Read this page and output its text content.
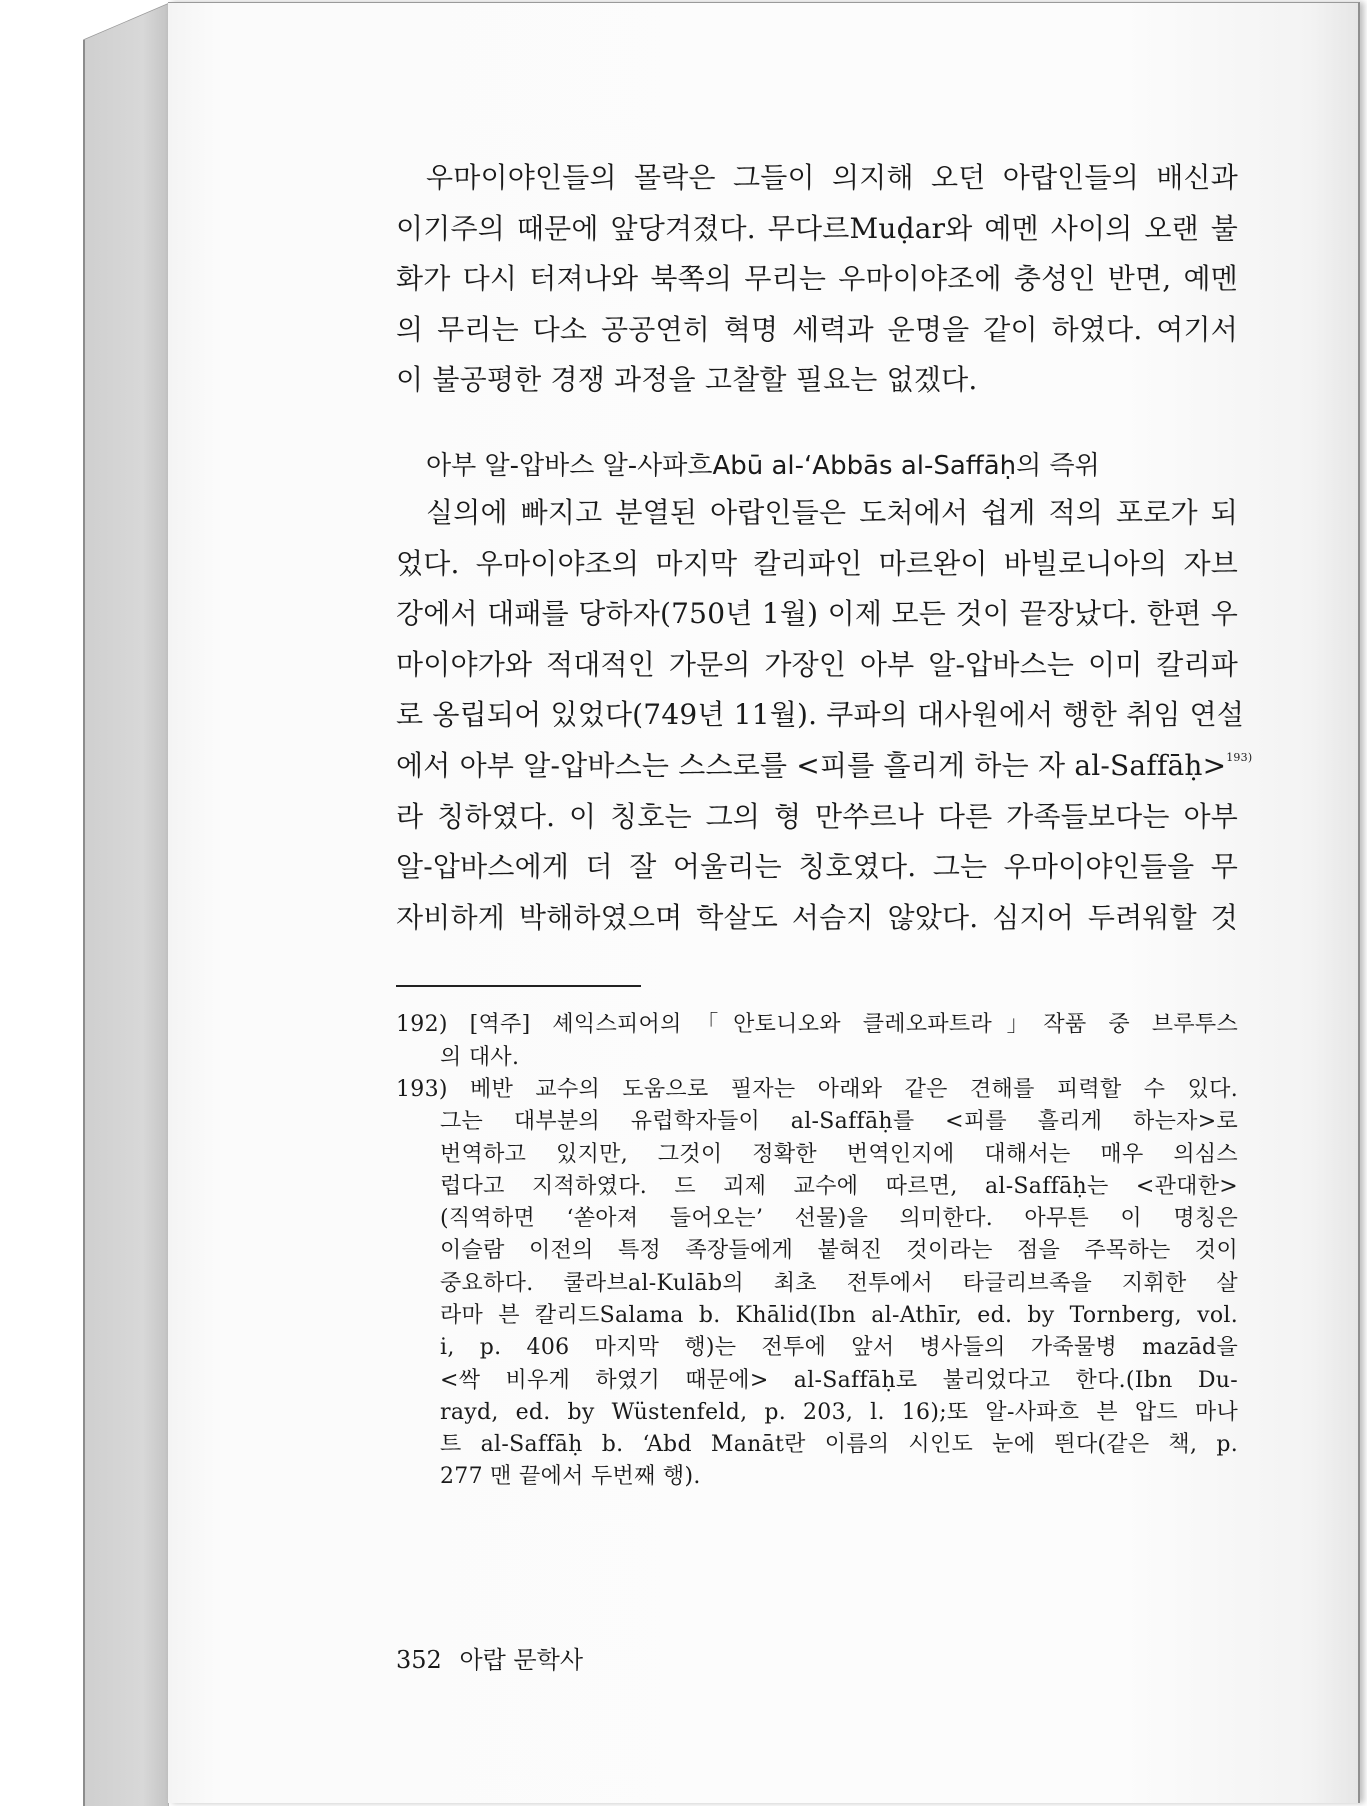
우마이야인들의 몰락은 그들이 의지해 오던 아랍인들의 배신과
이기주의 때문에 앞당겨졌다. 무다르Muḍar와 예멘 사이의 오랜 불
화가 다시 터져나와 북쪽의 무리는 우마이야조에 충성인 반면, 예멘
의 무리는 다소 공공연히 혁명 세력과 운명을 같이 하였다. 여기서
이 불공평한 경쟁 과정을 고찰할 필요는 없겠다.
아부 알-압바스 알-사파흐Abū al-‘Abbās al-Saffāḥ의 즉위
실의에 빠지고 분열된 아랍인들은 도처에서 쉽게 적의 포로가 되
었다. 우마이야조의 마지막 칼리파인 마르완이 바빌로니아의 자브
강에서 대패를 당하자(750년 1월) 이제 모든 것이 끝장났다. 한편 우
마이야가와 적대적인 가문의 가장인 아부 알-압바스는 이미 칼리파
로 옹립되어 있었다(749년 11월). 쿠파의 대사원에서 행한 취임 연설
에서 아부 알-압바스는 스스로를 <피를 흘리게 하는 자 al-Saffāḥ>$^{193)}$
라 칭하였다. 이 칭호는 그의 형 만쑤르나 다른 가족들보다는 아부
알-압바스에게 더 잘 어울리는 칭호였다. 그는 우마이야인들을 무
자비하게 박해하였으며 학살도 서슴지 않았다. 심지어 두려워할 것
192) [역주] 셰익스피어의「안토니오와 클레오파트라」작품 중 브루투스
의 대사.
193) 베반 교수의 도움으로 필자는 아래와 같은 견해를 피력할 수 있다.
그는 대부분의 유럽학자들이 al-Saffāḥ를 <피를 흘리게 하는자>로
번역하고 있지만, 그것이 정확한 번역인지에 대해서는 매우 의심스
럽다고 지적하였다. 드 괴제 교수에 따르면, al-Saffāḥ는 <관대한>
(직역하면 ‘쏟아져 들어오는’ 선물)을 의미한다. 아무튼 이 명칭은
이슬람 이전의 특정 족장들에게 붙혀진 것이라는 점을 주목하는 것이
중요하다. 쿨라브al-Kulāb의 최초 전투에서 타글리브족을 지휘한 살
라마 븐 칼리드Salama b. Khālid(Ibn al-Athīr, ed. by Tornberg, vol.
i, p. 406 마지막 행)는 전투에 앞서 병사들의 가죽물병 mazād을
<싹 비우게 하였기 때문에> al-Saffāḥ로 불리었다고 한다.(Ibn Du-
rayd, ed. by Wüstenfeld, p. 203, l. 16);또 알-사파흐 븐 압드 마나
트 al-Saffāḥ b. ‘Abd Manāt란 이름의 시인도 눈에 띈다(같은 책, p.
277 맨 끝에서 두번째 행).
352 아랍 문학사
